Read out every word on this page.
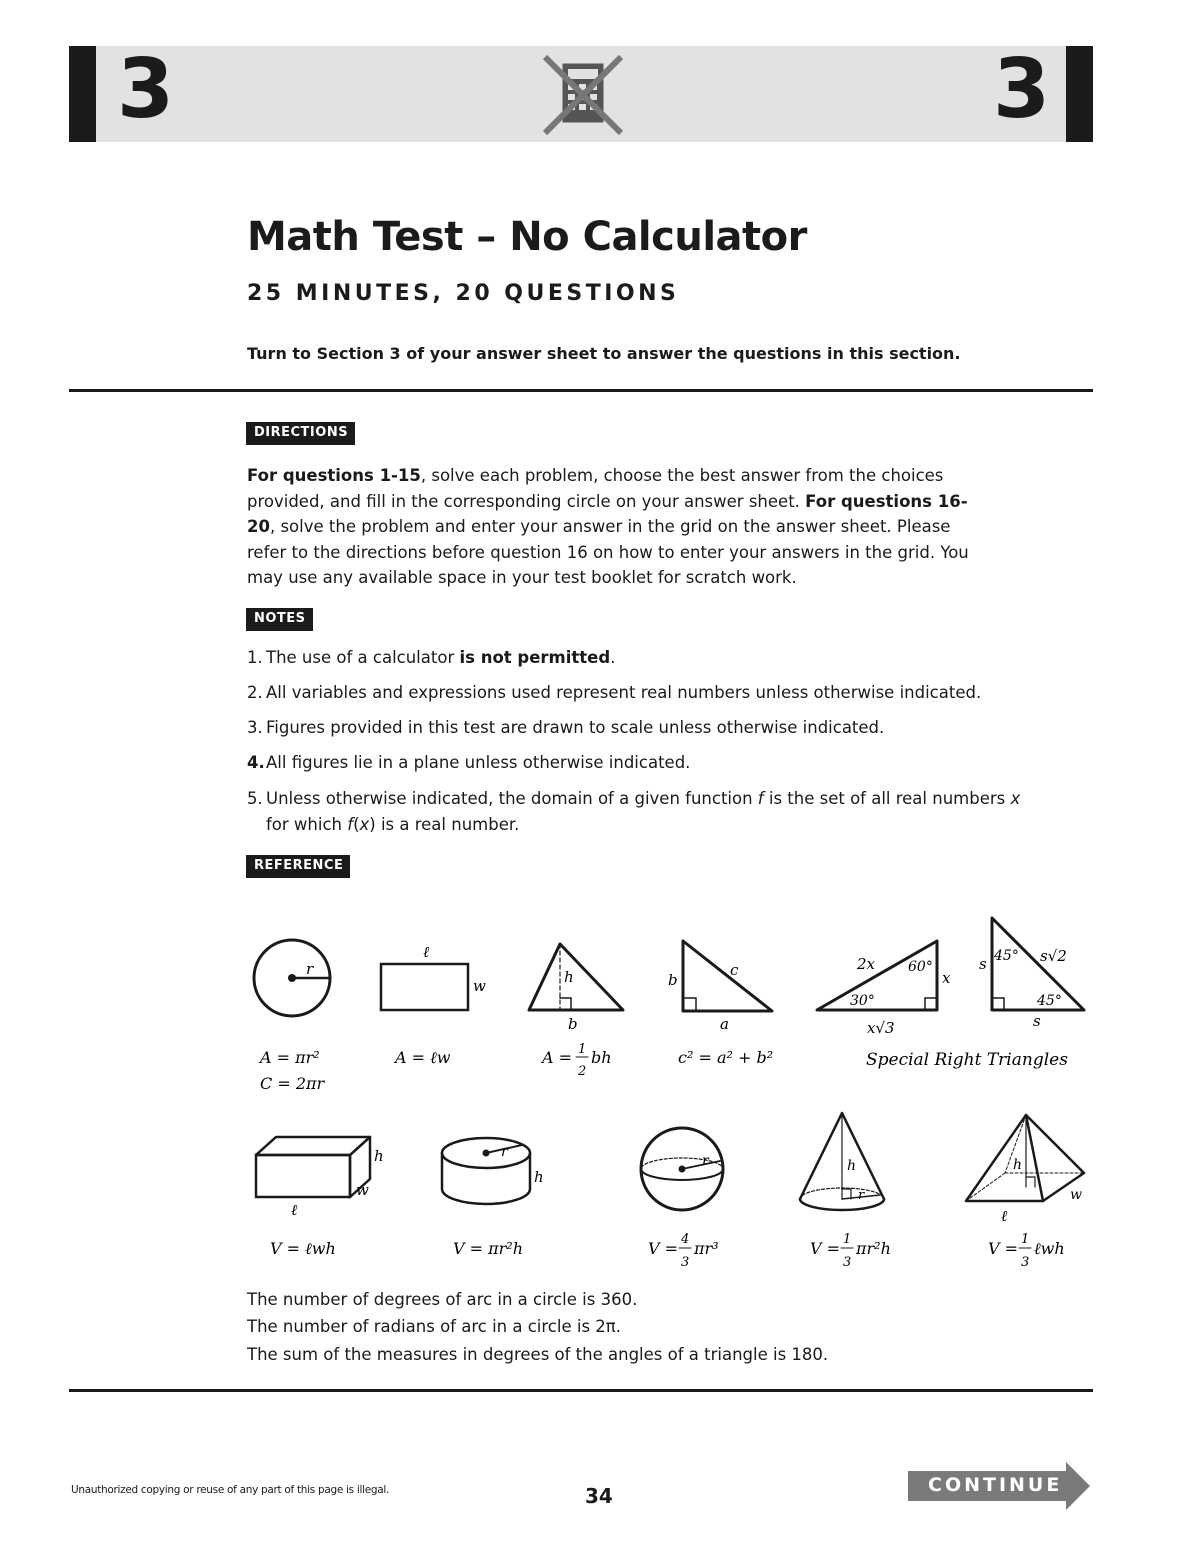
3	3
Math Test – No Calculator
25 MINUTES, 20 QUESTIONS
Turn to Section 3 of your answer sheet to answer the questions in this section.
DIRECTIONS
For questions 1-15, solve each problem, choose the best answer from the choices provided, and fill in the corresponding circle on your answer sheet. For questions 16-20, solve the problem and enter your answer in the grid on the answer sheet. Please refer to the directions before question 16 on how to enter your answers in the grid. You may use any available space in your test booklet for scratch work.
NOTES
1. The use of a calculator is not permitted.
2. All variables and expressions used represent real numbers unless otherwise indicated.
3. Figures provided in this test are drawn to scale unless otherwise indicated.
4.All figures lie in a plane unless otherwise indicated.
5. Unless otherwise indicated, the domain of a given function f is the set of all real numbers x for which f(x) is a real number.
REFERENCE
r
ℓ
w	h
b
b
c
a
2x 60°
x
30°
x√3
s 45° s√2
45°
s
A = πr²
C = 2πr
A = ℓw	A = 1
2
bh	c² = a² + b²	Special Right Triangles
h
w
ℓ
r
h
r	h
r
h
w
ℓ
V = ℓwh	V = πr²h	V = 4
3
πr³	V = 1
3
πr²h	V = 1
3
ℓwh
The number of degrees of arc in a circle is 360.
The number of radians of arc in a circle is 2π.
The sum of the measures in degrees of the angles of a triangle is 180.
Unauthorized copying or reuse of any part of this page is illegal.	34	CONTINUE
